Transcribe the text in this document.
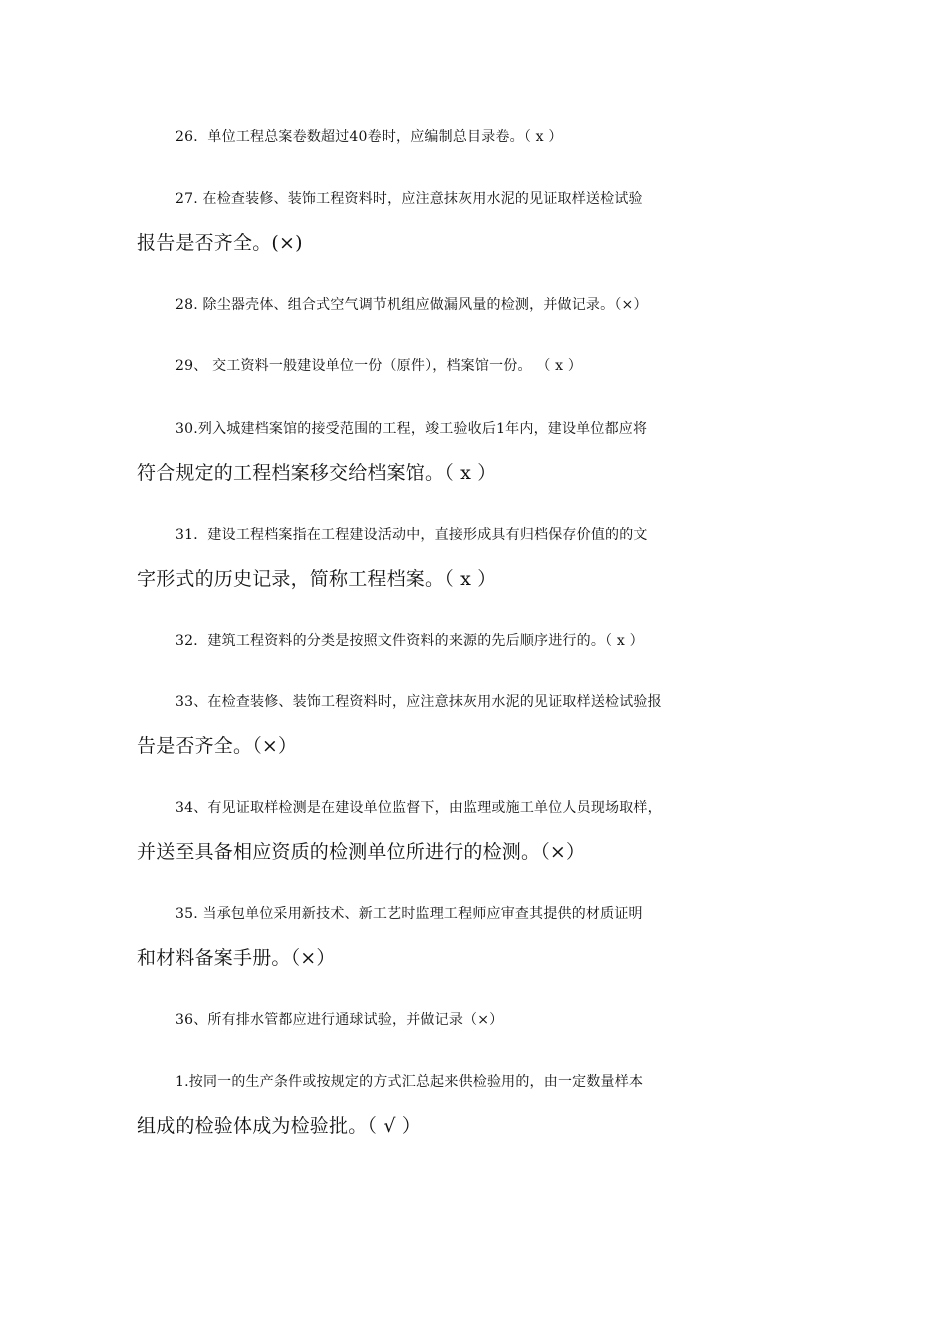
26．单位工程总案卷数超过40卷时，应编制总目录卷。（ x ）
27. 在检查装修、装饰工程资料时，应注意抹灰用水泥的见证取样送检试验
报告是否齐全。(×)
28. 除尘器壳体、组合式空气调节机组应做漏风量的检测，并做记录。（×）
29、 交工资料一般建设单位一份（原件），档案馆一份。 （ x ）
30.列入城建档案馆的接受范围的工程，竣工验收后1年内，建设单位都应将
符合规定的工程档案移交给档案馆。（ x ）
31．建设工程档案指在工程建设活动中，直接形成具有归档保存价值的的文
字形式的历史记录，简称工程档案。（ x ）
32．建筑工程资料的分类是按照文件资料的来源的先后顺序进行的。（ x ）
33、在检查装修、装饰工程资料时，应注意抹灰用水泥的见证取样送检试验报
告是否齐全。（×）
34、有见证取样检测是在建设单位监督下，由监理或施工单位人员现场取样，
并送至具备相应资质的检测单位所进行的检测。（×）
35. 当承包单位采用新技术、新工艺时监理工程师应审查其提供的材质证明
和材料备案手册。（×）
36、所有排水管都应进行通球试验，并做记录（×）
1.按同一的生产条件或按规定的方式汇总起来供检验用的，由一定数量样本
组成的检验体成为检验批。（ √ ）
